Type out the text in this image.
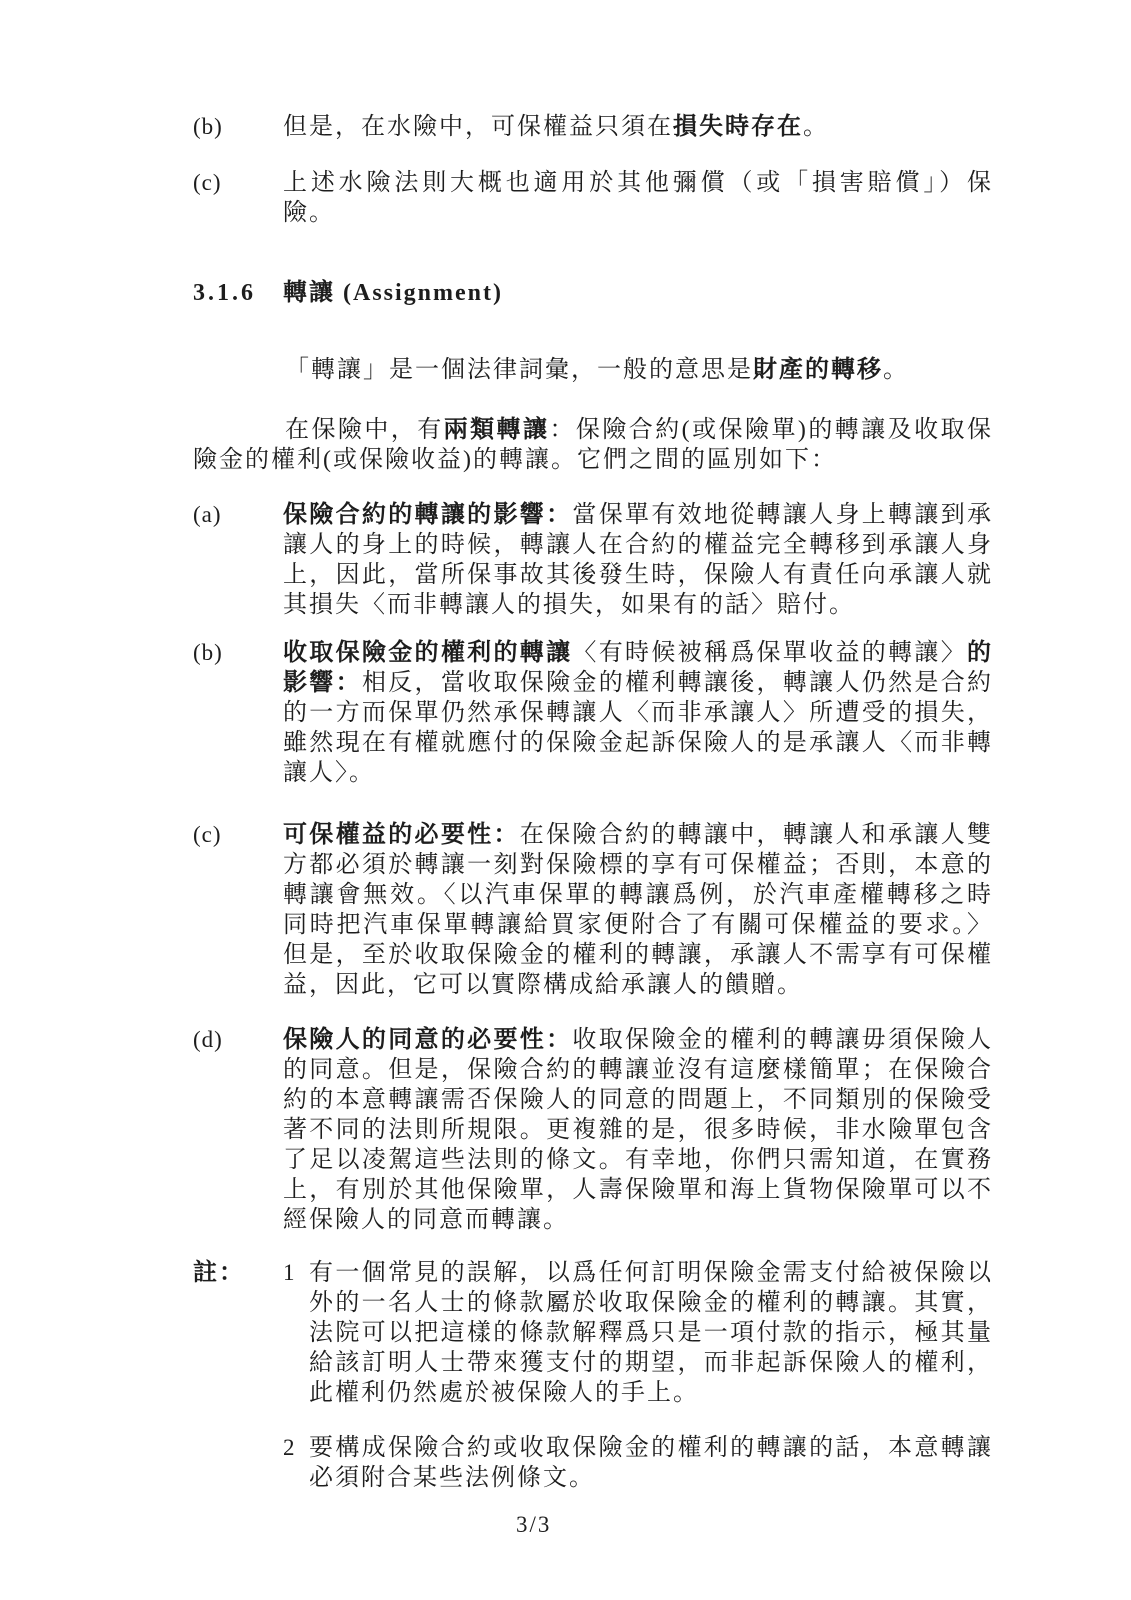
(b)	但是，在水險中，可保權益只須在損失時存在。
(c)	上述水險法則大概也適用於其他彌償（或「損害賠償」）保險。
3.1.6	轉讓 (Assignment)

「轉讓」是一個法律詞彙，一般的意思是財產的轉移。

在保險中，有兩類轉讓：保險合約(或保險單)的轉讓及收取保險金的權利(或保險收益)的轉讓。它們之間的區別如下：

(a)	保險合約的轉讓的影響：當保單有效地從轉讓人身上轉讓到承讓人的身上的時候，轉讓人在合約的權益完全轉移到承讓人身上，因此，當所保事故其後發生時，保險人有責任向承讓人就其損失〈而非轉讓人的損失，如果有的話〉賠付。
(b)	收取保險金的權利的轉讓〈有時候被稱爲保單收益的轉讓〉的影響：相反，當收取保險金的權利轉讓後，轉讓人仍然是合約的一方而保單仍然承保轉讓人〈而非承讓人〉所遭受的損失，雖然現在有權就應付的保險金起訴保險人的是承讓人〈而非轉讓人〉。
(c)	可保權益的必要性：在保險合約的轉讓中，轉讓人和承讓人雙方都必須於轉讓一刻對保險標的享有可保權益；否則，本意的轉讓會無效。〈以汽車保單的轉讓爲例，於汽車產權轉移之時同時把汽車保單轉讓給買家便附合了有關可保權益的要求。〉但是，至於收取保險金的權利的轉讓，承讓人不需享有可保權益，因此，它可以實際構成給承讓人的饋贈。
(d)	保險人的同意的必要性：收取保險金的權利的轉讓毋須保險人的同意。但是，保險合約的轉讓並沒有這麼樣簡單；在保險合約的本意轉讓需否保險人的同意的問題上，不同類別的保險受著不同的法則所規限。更複雜的是，很多時候，非水險單包含了足以凌駕這些法則的條文。有幸地，你們只需知道，在實務上，有別於其他保險單，人壽保險單和海上貨物保險單可以不經保險人的同意而轉讓。
註：	1 有一個常見的誤解，以爲任何訂明保險金需支付給被保險以外的一名人士的條款屬於收取保險金的權利的轉讓。其實，法院可以把這樣的條款解釋爲只是一項付款的指示，極其量給該訂明人士帶來獲支付的期望，而非起訴保險人的權利，此權利仍然處於被保險人的手上。
2 要構成保險合約或收取保險金的權利的轉讓的話，本意轉讓必須附合某些法例條文。
3/3
